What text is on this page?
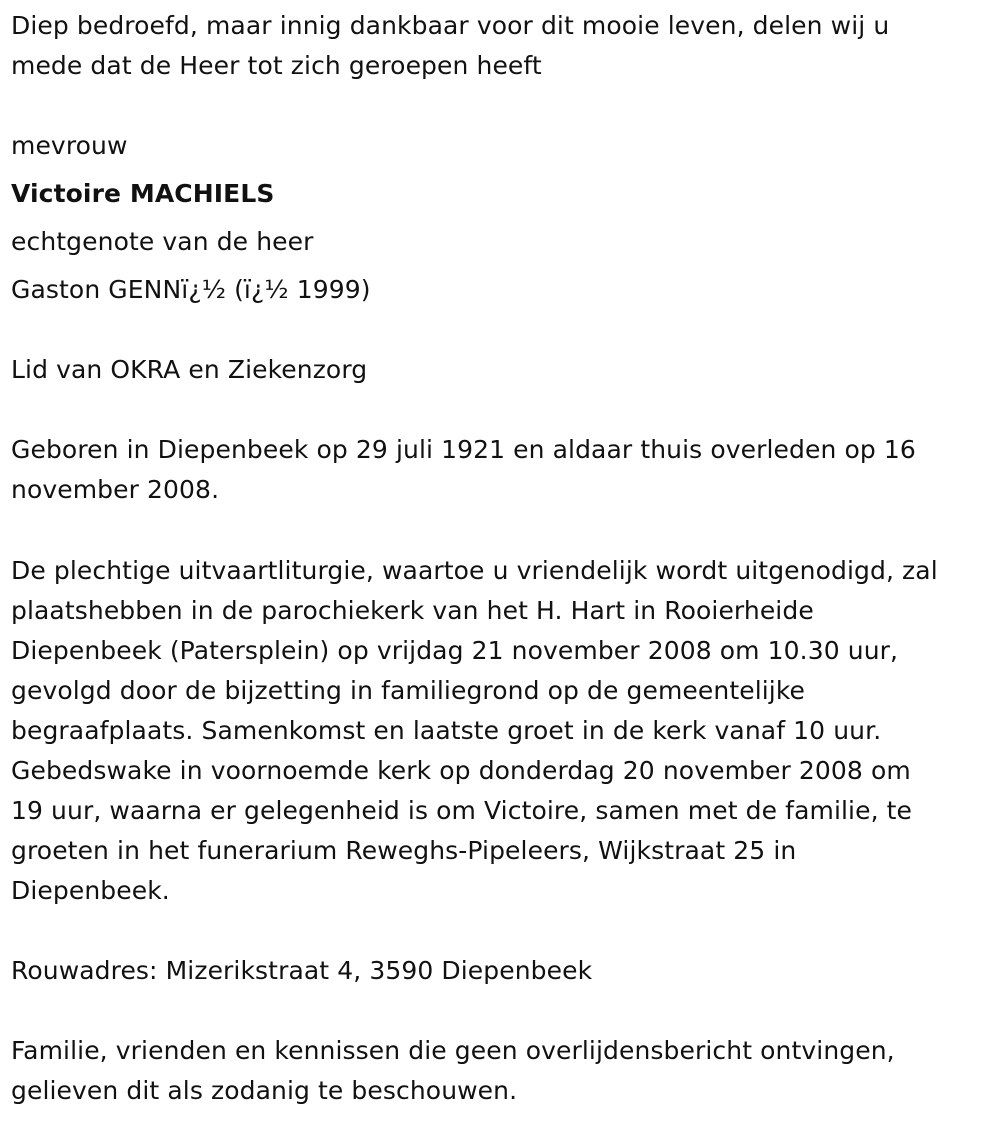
Diep bedroefd, maar innig dankbaar voor dit mooie leven, delen wij u
mede dat de Heer tot zich geroepen heeft
mevrouw
Victoire MACHIELS
echtgenote van de heer
Gaston GENNï¿½ (ï¿½ 1999)
Lid van OKRA en Ziekenzorg
Geboren in Diepenbeek op 29 juli 1921 en aldaar thuis overleden op 16
november 2008.
De plechtige uitvaartliturgie, waartoe u vriendelijk wordt uitgenodigd, zal
plaatshebben in de parochiekerk van het H. Hart in Rooierheide
Diepenbeek (Patersplein) op vrijdag 21 november 2008 om 10.30 uur,
gevolgd door de bijzetting in familiegrond op de gemeentelijke
begraafplaats. Samenkomst en laatste groet in de kerk vanaf 10 uur.
Gebedswake in voornoemde kerk op donderdag 20 november 2008 om
19 uur, waarna er gelegenheid is om Victoire, samen met de familie, te
groeten in het funerarium Reweghs-Pipeleers, Wijkstraat 25 in
Diepenbeek.
Rouwadres: Mizerikstraat 4, 3590 Diepenbeek
Familie, vrienden en kennissen die geen overlijdensbericht ontvingen,
gelieven dit als zodanig te beschouwen.
